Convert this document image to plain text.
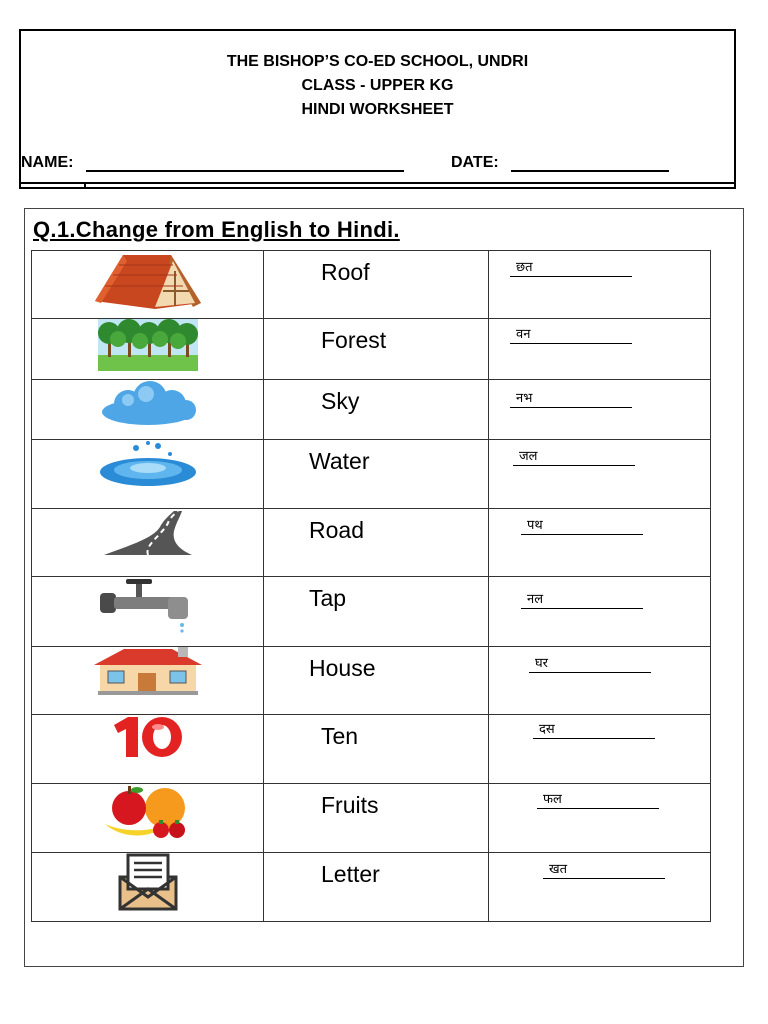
THE BISHOP’S CO-ED SCHOOL, UNDRI
CLASS - UPPER KG
HINDI WORKSHEET
NAME:	DATE:
Q.1.Change from English to Hindi.

Roof	छत

Forest	वन

Sky	नभ

Water	जल

Road	पथ

Tap	नल

House	घर

Ten	दस

Fruits	फल

Letter	खत
